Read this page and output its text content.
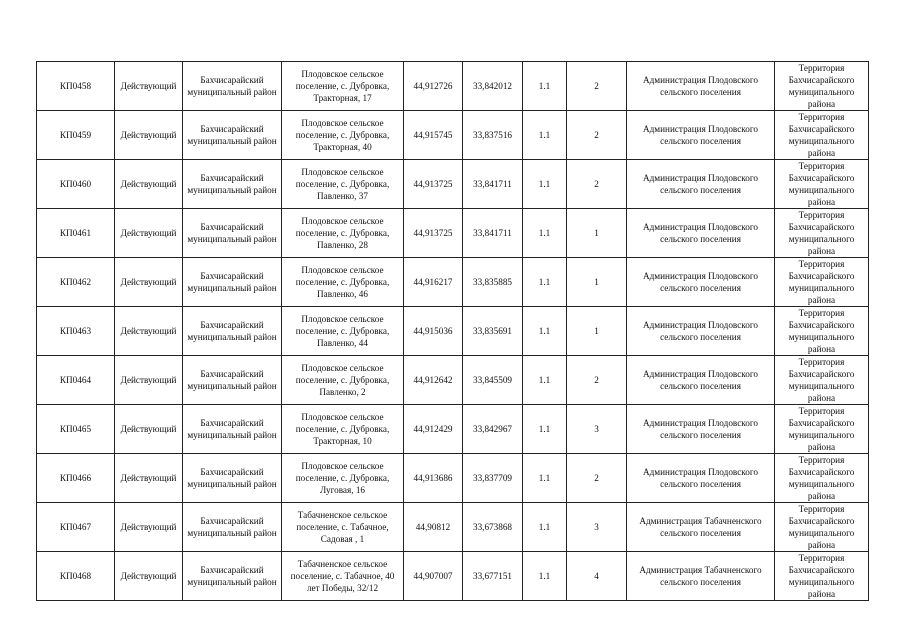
КП0458	Действующий	Бахчисарайский муниципальный район	Плодовское сельское поселение, с. Дубровка, Тракторная, 17	44,912726	33,842012	1.1	2	Администрация Плодовского сельского поселения	Территория Бахчисарайского муниципального района
КП0459	Действующий	Бахчисарайский муниципальный район	Плодовское сельское поселение, с. Дубровка, Тракторная, 40	44,915745	33,837516	1.1	2	Администрация Плодовского сельского поселения	Территория Бахчисарайского муниципального района
КП0460	Действующий	Бахчисарайский муниципальный район	Плодовское сельское поселение, с. Дубровка, Павленко, 37	44,913725	33,841711	1.1	2	Администрация Плодовского сельского поселения	Территория Бахчисарайского муниципального района
КП0461	Действующий	Бахчисарайский муниципальный район	Плодовское сельское поселение, с. Дубровка, Павленко, 28	44,913725	33,841711	1.1	1	Администрация Плодовского сельского поселения	Территория Бахчисарайского муниципального района
КП0462	Действующий	Бахчисарайский муниципальный район	Плодовское сельское поселение, с. Дубровка, Павленко, 46	44,916217	33,835885	1.1	1	Администрация Плодовского сельского поселения	Территория Бахчисарайского муниципального района
КП0463	Действующий	Бахчисарайский муниципальный район	Плодовское сельское поселение, с. Дубровка, Павленко, 44	44,915036	33,835691	1.1	1	Администрация Плодовского сельского поселения	Территория Бахчисарайского муниципального района
КП0464	Действующий	Бахчисарайский муниципальный район	Плодовское сельское поселение, с. Дубровка, Павленко, 2	44,912642	33,845509	1.1	2	Администрация Плодовского сельского поселения	Территория Бахчисарайского муниципального района
КП0465	Действующий	Бахчисарайский муниципальный район	Плодовское сельское поселение, с. Дубровка, Тракторная, 10	44,912429	33,842967	1.1	3	Администрация Плодовского сельского поселения	Территория Бахчисарайского муниципального района
КП0466	Действующий	Бахчисарайский муниципальный район	Плодовское сельское поселение, с. Дубровка, Луговая, 16	44,913686	33,837709	1.1	2	Администрация Плодовского сельского поселения	Территория Бахчисарайского муниципального района
КП0467	Действующий	Бахчисарайский муниципальный район	Табачненское сельское поселение, с. Табачное, Садовая , 1	44,90812	33,673868	1.1	3	Администрация Табачненского сельского поселения	Территория Бахчисарайского муниципального района
КП0468	Действующий	Бахчисарайский муниципальный район	Табачненское сельское поселение, с. Табачное, 40 лет Победы, 32/12	44,907007	33,677151	1.1	4	Администрация Табачненского сельского поселения	Территория Бахчисарайского муниципального района
